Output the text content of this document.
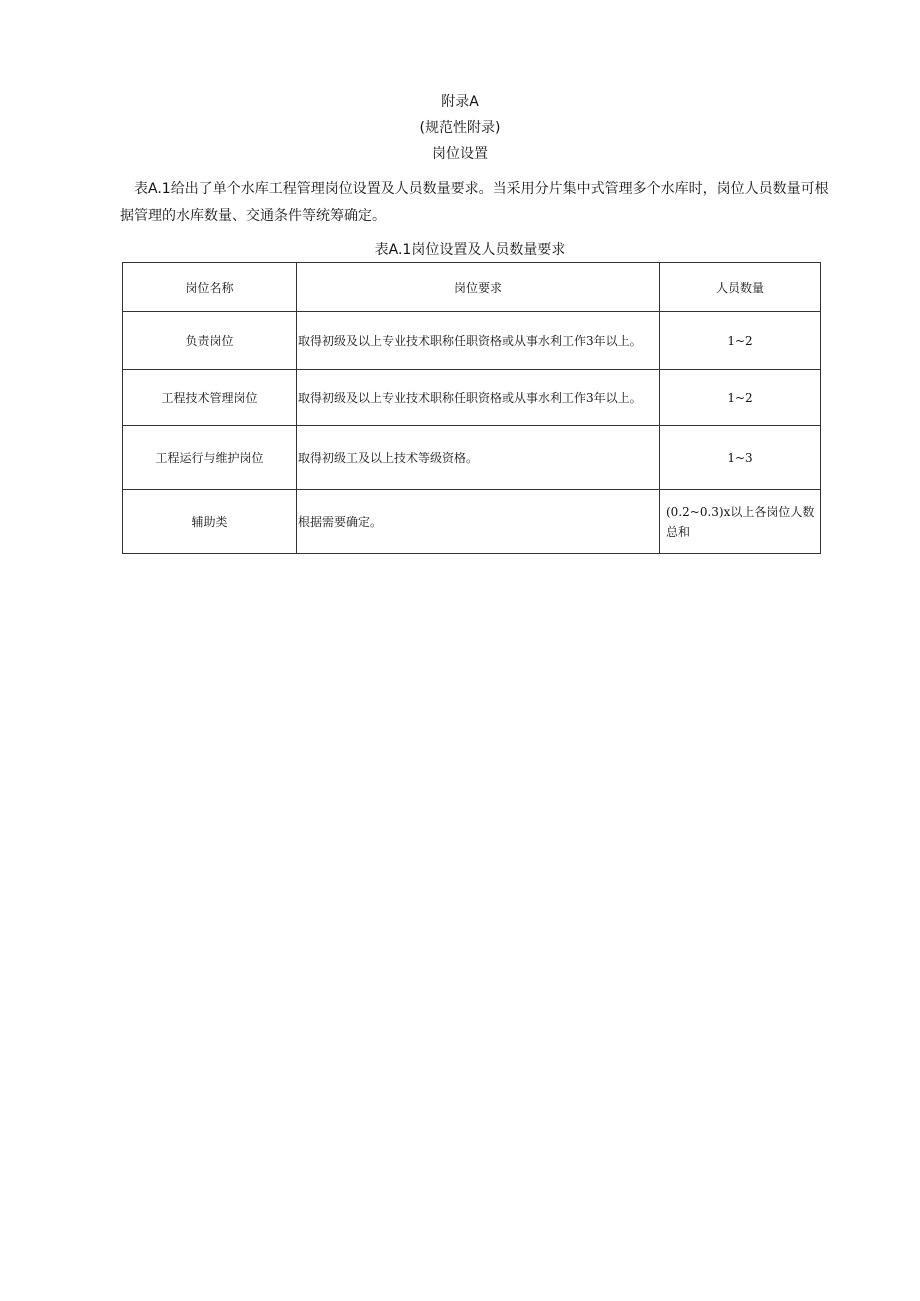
附录A
(规范性附录)
岗位设置

表A.1给出了单个水库工程管理岗位设置及人员数量要求。当采用分片集中式管理多个水库时，岗位人员数量可根据管理的水库数量、交通条件等统筹确定。

表A.1岗位设置及人员数量要求
岗位名称	岗位要求	人员数量
负责岗位	取得初级及以上专业技术职称任职资格或从事水利工作3年以上。	1~2
工程技术管理岗位	取得初级及以上专业技术职称任职资格或从事水利工作3年以上。	1~2
工程运行与维护岗位	取得初级工及以上技术等级资格。	1~3
辅助类	根据需要确定。	(0.2~0.3)x以上各岗位人数总和
